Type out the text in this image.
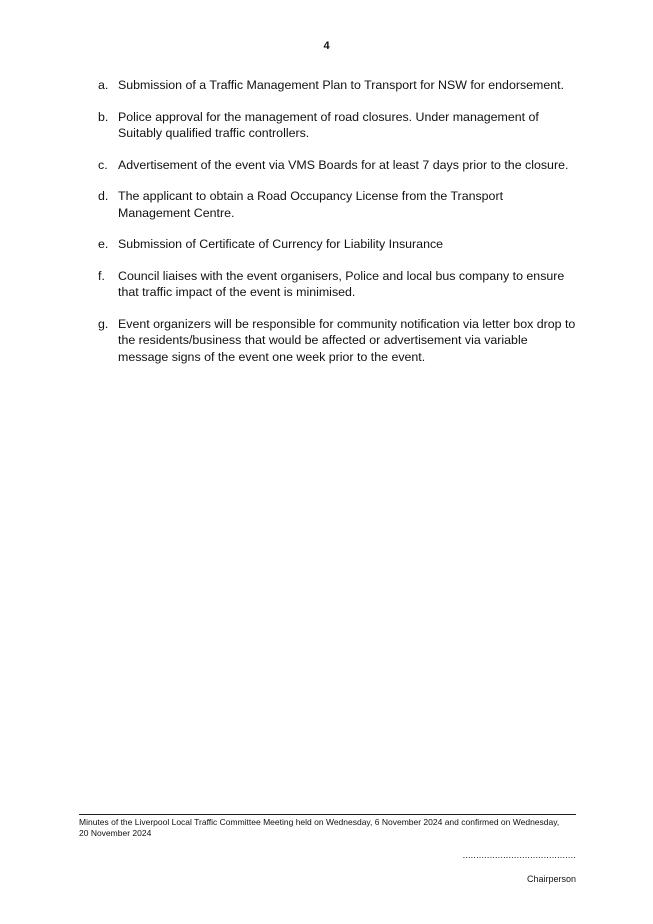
4
a. Submission of a Traffic Management Plan to Transport for NSW for endorsement.
b. Police approval for the management of road closures. Under management of Suitably qualified traffic controllers.
c. Advertisement of the event via VMS Boards for at least 7 days prior to the closure.
d. The applicant to obtain a Road Occupancy License from the Transport Management Centre.
e. Submission of Certificate of Currency for Liability Insurance
f.	Council liaises with the event organisers, Police and local bus company to ensure that traffic impact of the event is minimised.
g. Event organizers will be responsible for community notification via letter box drop to the residents/business that would be affected or advertisement via variable message signs of the event one week prior to the event.
Minutes of the Liverpool Local Traffic Committee Meeting held on Wednesday, 6 November 2024 and confirmed on Wednesday,
20 November 2024
..........................................
Chairperson
